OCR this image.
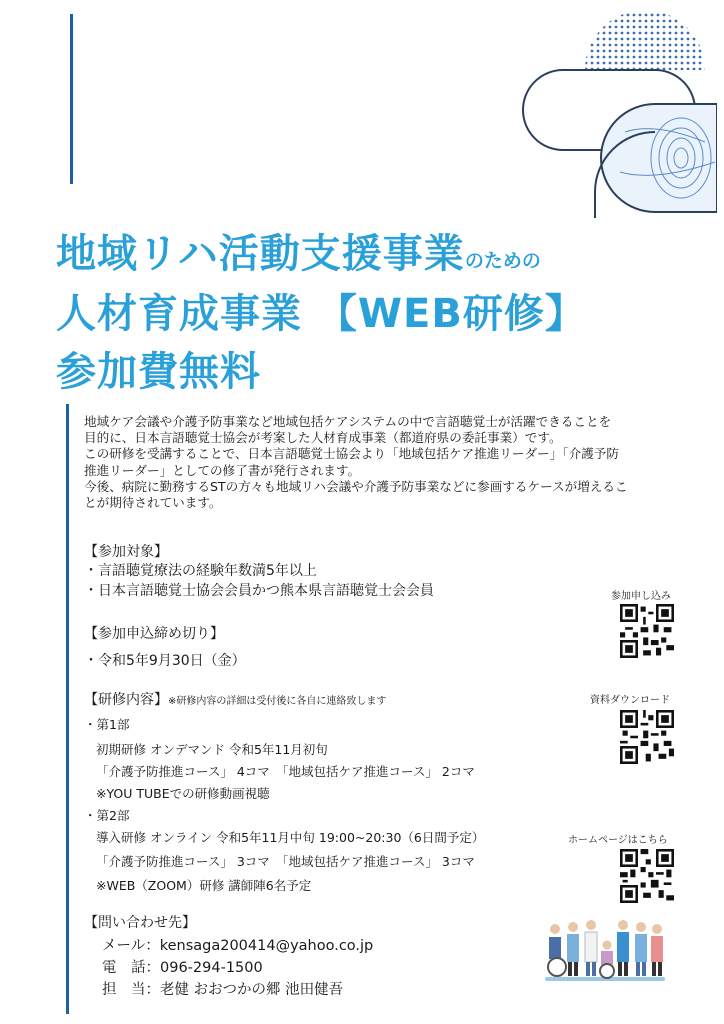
地域リハ活動支援事業のための
人材育成事業 【WEB研修】
参加費無料

地域ケア会議や介護予防事業など地域包括ケアシステムの中で言語聴覚士が活躍できることを

目的に、日本言語聴覚士協会が考案した人材育成事業（都道府県の委託事業）です。

この研修を受講することで、日本言語聴覚士協会より「地域包括ケア推進リーダー」「介護予防

推進リーダー」としての修了書が発行されます。

今後、病院に勤務するSTの方々も地域リハ会議や介護予防事業などに参画するケースが増えるこ

とが期待されています。

【参加対象】
・言語聴覚療法の経験年数満5年以上
・日本言語聴覚士協会会員かつ熊本県言語聴覚士会会員
【参加申込締め切り】
・令和5年9月30日（金）
【研修内容】※研修内容の詳細は受付後に各自に連絡致します
・第1部
初期研修 オンデマンド 令和5年11月初旬
「介護予防推進コース」 4コマ　「地域包括ケア推進コース」 2コマ
※YOU TUBEでの研修動画視聴
・第2部
導入研修 オンライン 令和5年11月中旬 19:00~20:30（6日間予定）
「介護予防推進コース」 3コマ　「地域包括ケア推進コース」 3コマ
※WEB（ZOOM）研修 講師陣6名予定
【問い合わせ先】
メール：kensaga200414@yahoo.co.jp
電　話：096-294-1500
担　当：老健 おおつかの郷 池田健吾
参加申し込み
資料ダウンロード
ホームページはこちら
